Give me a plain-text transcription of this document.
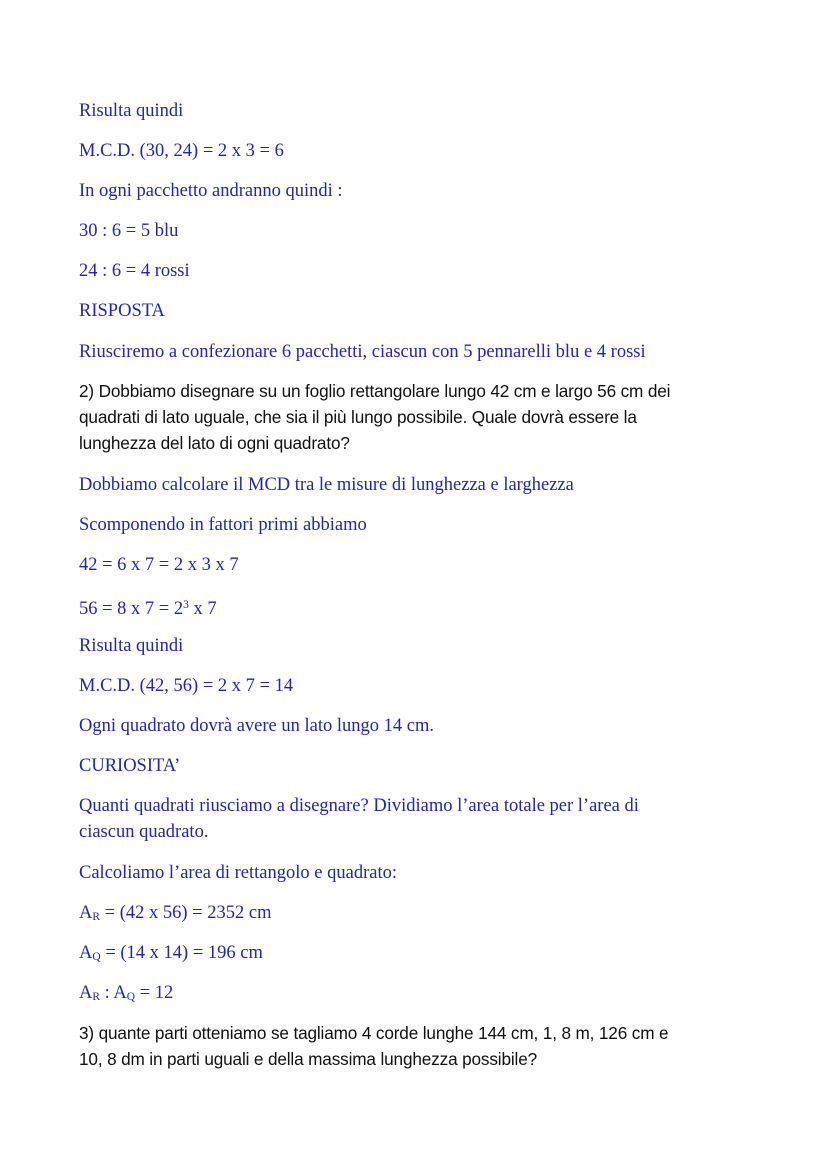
Risulta quindi
M.C.D. (30, 24) = 2 x 3 = 6
In ogni pacchetto andranno quindi :
30 : 6 = 5 blu
24 : 6 = 4 rossi
RISPOSTA
Riusciremo a confezionare 6 pacchetti, ciascun con 5 pennarelli blu e 4 rossi
2) Dobbiamo disegnare su un foglio rettangolare lungo 42 cm e largo 56 cm dei
quadrati di lato uguale, che sia il più lungo possibile. Quale dovrà essere la
lunghezza del lato di ogni quadrato?
Dobbiamo calcolare il MCD tra le misure di lunghezza e larghezza
Scomponendo in fattori primi abbiamo
42 = 6 x 7 = 2 x 3 x 7
56 = 8 x $7 = 2^3$ x 7
Risulta quindi
M.C.D. (42, 56) = 2 x 7 = 14
Ogni quadrato dovrà avere un lato lungo 14 cm.
CURIOSITA’
Quanti quadrati riusciamo a disegnare? Dividiamo l’area totale per l’area di
ciascun quadrato.
Calcoliamo l’area di rettangolo e quadrato:
AR = (42 x 56) = 2352 cm
AQ = (14 x 14) = 196 cm
AR : AQ = 12
3) quante parti otteniamo se tagliamo 4 corde lunghe 144 cm, 1, 8 m, 126 cm e
10, 8 dm in parti uguali e della massima lunghezza possibile?
